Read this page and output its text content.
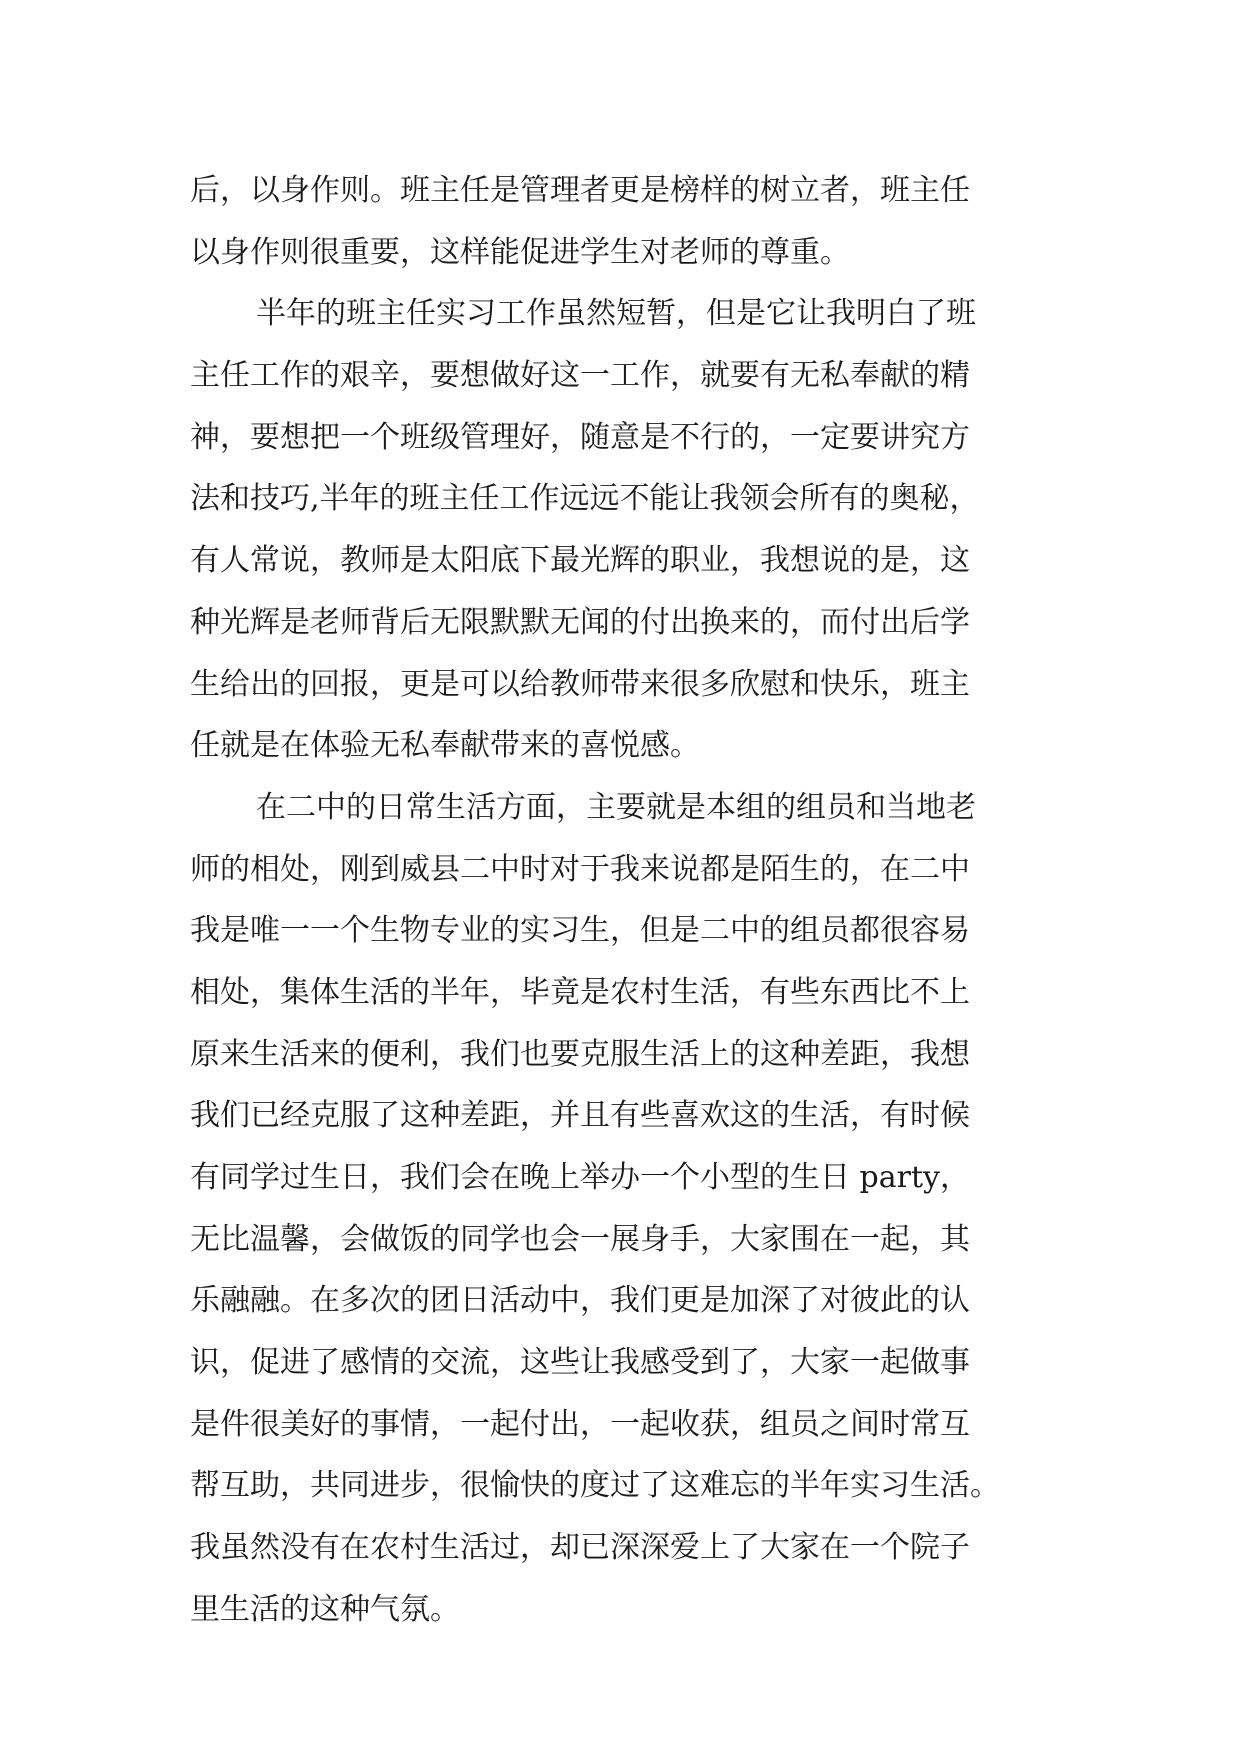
后，以身作则。班主任是管理者更是榜样的树立者，班主任
以身作则很重要，这样能促进学生对老师的尊重。
半年的班主任实习工作虽然短暂，但是它让我明白了班
主任工作的艰辛，要想做好这一工作，就要有无私奉献的精
神，要想把一个班级管理好，随意是不行的，一定要讲究方
法和技巧,半年的班主任工作远远不能让我领会所有的奥秘，
有人常说，教师是太阳底下最光辉的职业，我想说的是，这
种光辉是老师背后无限默默无闻的付出换来的，而付出后学
生给出的回报，更是可以给教师带来很多欣慰和快乐，班主
任就是在体验无私奉献带来的喜悦感。
在二中的日常生活方面，主要就是本组的组员和当地老
师的相处，刚到威县二中时对于我来说都是陌生的，在二中
我是唯一一个生物专业的实习生，但是二中的组员都很容易
相处，集体生活的半年，毕竟是农村生活，有些东西比不上
原来生活来的便利，我们也要克服生活上的这种差距，我想
我们已经克服了这种差距，并且有些喜欢这的生活，有时候
有同学过生日，我们会在晚上举办一个小型的生日 party，
无比温馨，会做饭的同学也会一展身手，大家围在一起，其
乐融融。在多次的团日活动中，我们更是加深了对彼此的认
识，促进了感情的交流，这些让我感受到了，大家一起做事
是件很美好的事情，一起付出，一起收获，组员之间时常互
帮互助，共同进步，很愉快的度过了这难忘的半年实习生活。
我虽然没有在农村生活过，却已深深爱上了大家在一个院子
里生活的这种气氛。
